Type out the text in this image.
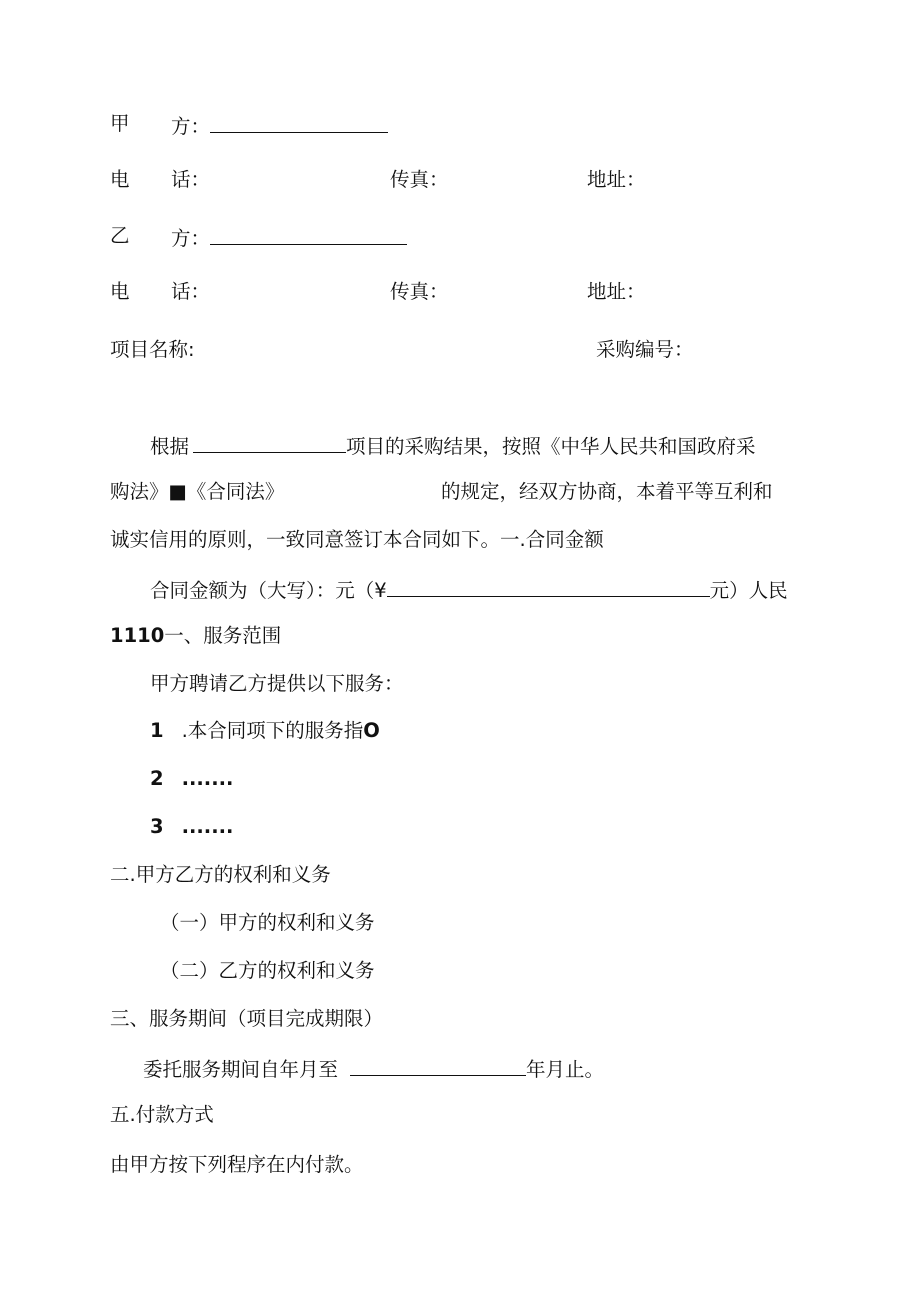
甲 方：
电 话：	传真：	地址：
乙 方：
电 话：	传真：	地址：
项目名称:	采购编号：
根据	项目的采购结果，按照《中华人民共和国政府采
购法》■《合同法》	的规定，经双方协商，本着平等互利和
诚实信用的原则，一致同意签订本合同如下。一.合同金额
合同金额为（大写）：元（¥	元）人民
1110一、服务范围
甲方聘请乙方提供以下服务：
1 .本合同项下的服务指O
2 .......
3 .......
二.甲方乙方的权利和义务
（一）甲方的权利和义务
（二）乙方的权利和义务
三、服务期间（项目完成期限）
委托服务期间自年月至	年月止。
五.付款方式
由甲方按下列程序在内付款。
